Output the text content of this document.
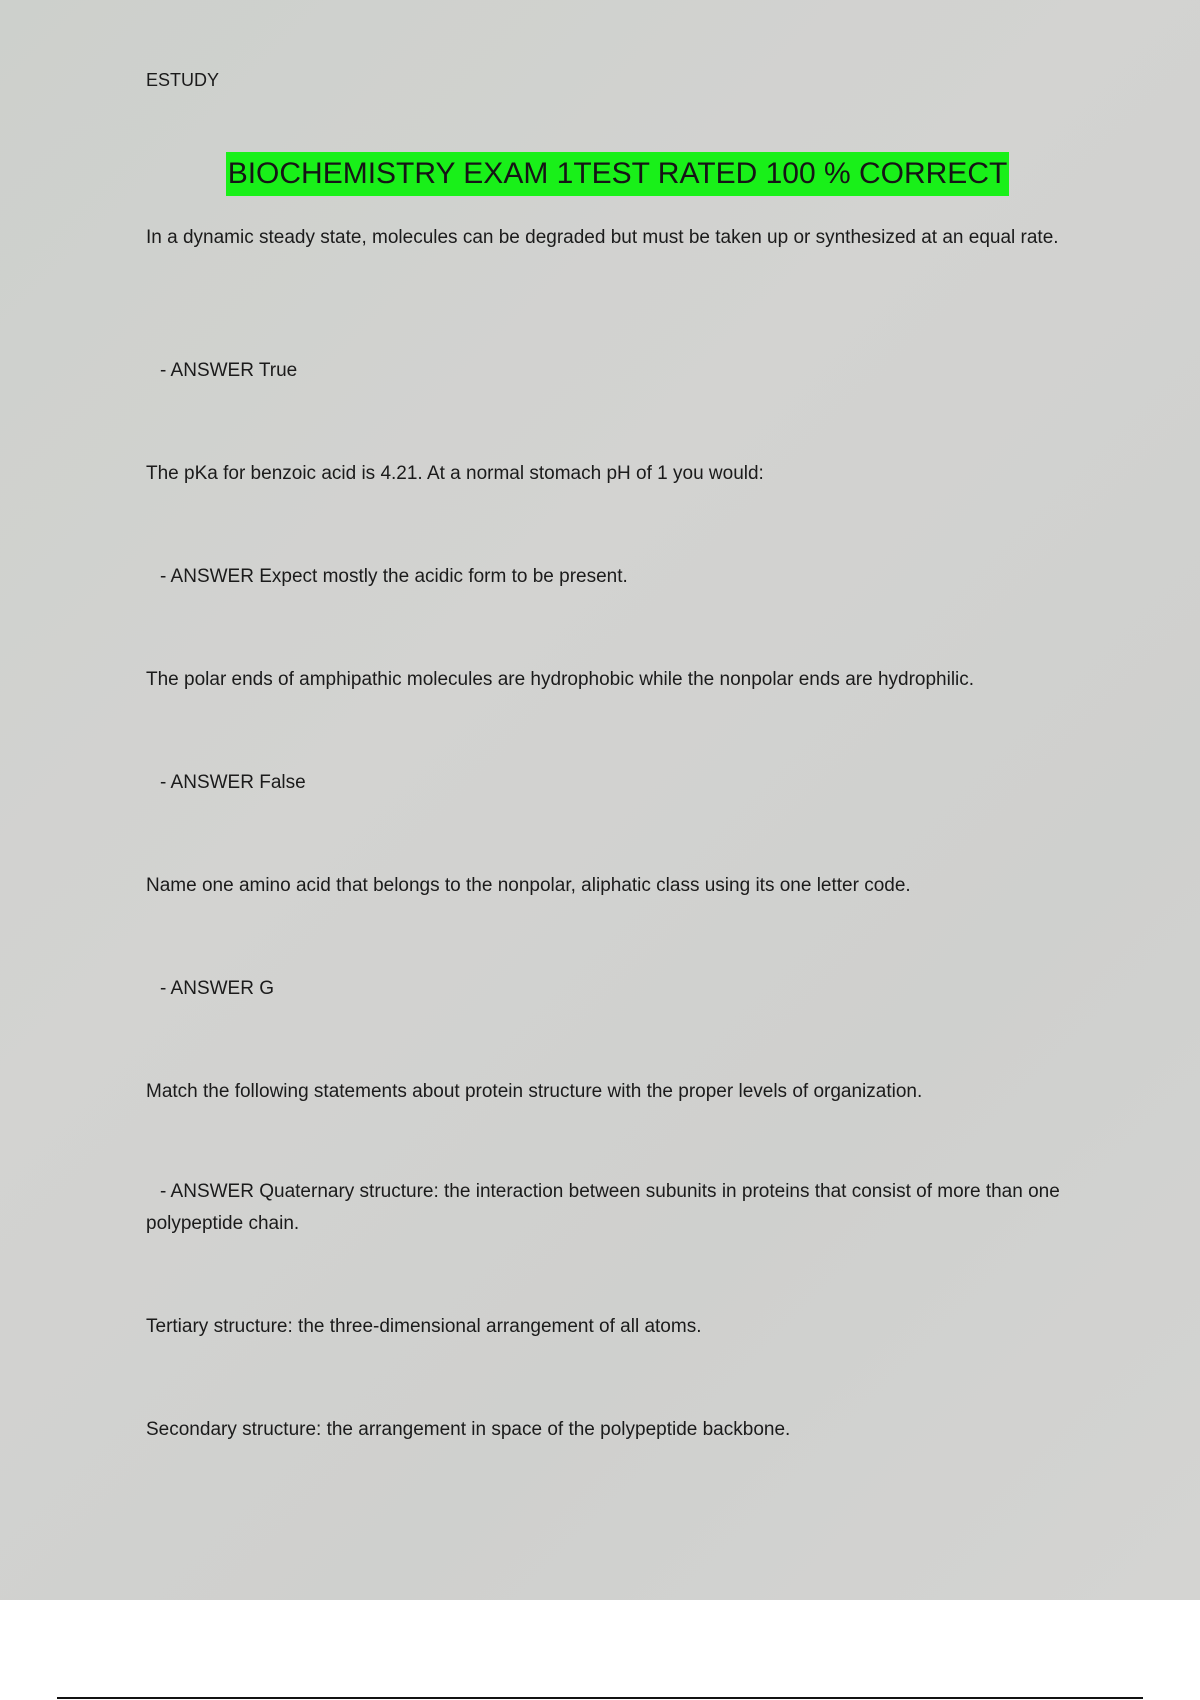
ESTUDY

BIOCHEMISTRY EXAM 1TEST RATED 100 % CORRECT

In a dynamic steady state, molecules can be degraded but must be taken up or synthesized at an equal rate.

- ANSWER True

The pKa for benzoic acid is 4.21. At a normal stomach pH of 1 you would:

- ANSWER Expect mostly the acidic form to be present.

The polar ends of amphipathic molecules are hydrophobic while the nonpolar ends are hydrophilic.

- ANSWER False

Name one amino acid that belongs to the nonpolar, aliphatic class using its one letter code.

- ANSWER G

Match the following statements about protein structure with the proper levels of organization.

- ANSWER Quaternary structure: the interaction between subunits in proteins that consist of more than one polypeptide chain.

Tertiary structure: the three-dimensional arrangement of all atoms.

Secondary structure: the arrangement in space of the polypeptide backbone.
